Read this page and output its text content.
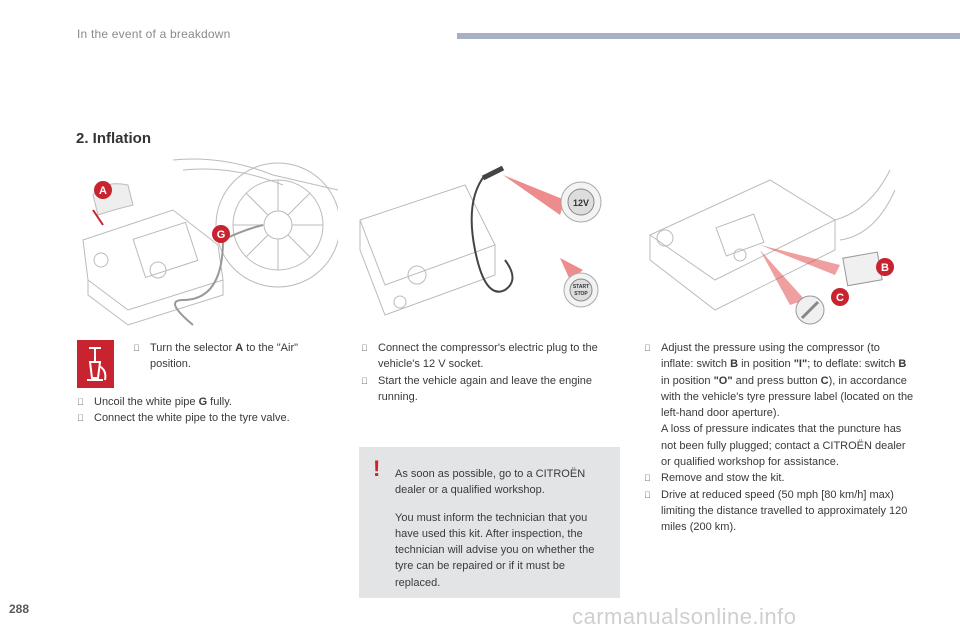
In the event of a breakdown
2. Inflation
A
G
12V
START
STOP
B
C
Turn the selector A to the "Air" position.
Uncoil the white pipe G fully.
Connect the white pipe to the tyre valve.
Connect the compressor's electric plug to the vehicle's 12 V socket.
Start the vehicle again and leave the engine running.
! As soon as possible, go to a CITROËN dealer or a qualified workshop.

You must inform the technician that you have used this kit. After inspection, the technician will advise you on whether the tyre can be repaired or if it must be replaced.

Adjust the pressure using the compressor (to inflate: switch B in position "I"; to deflate: switch B in position "O" and press button C), in accordance with the vehicle's tyre pressure label (located on the left-hand door aperture).
A loss of pressure indicates that the puncture has not been fully plugged; contact a CITROËN dealer or qualified workshop for assistance.
Remove and stow the kit.
Drive at reduced speed (50 mph [80 km/h] max) limiting the distance travelled to approximately 120 miles (200 km).
288	carmanualsonline.info
